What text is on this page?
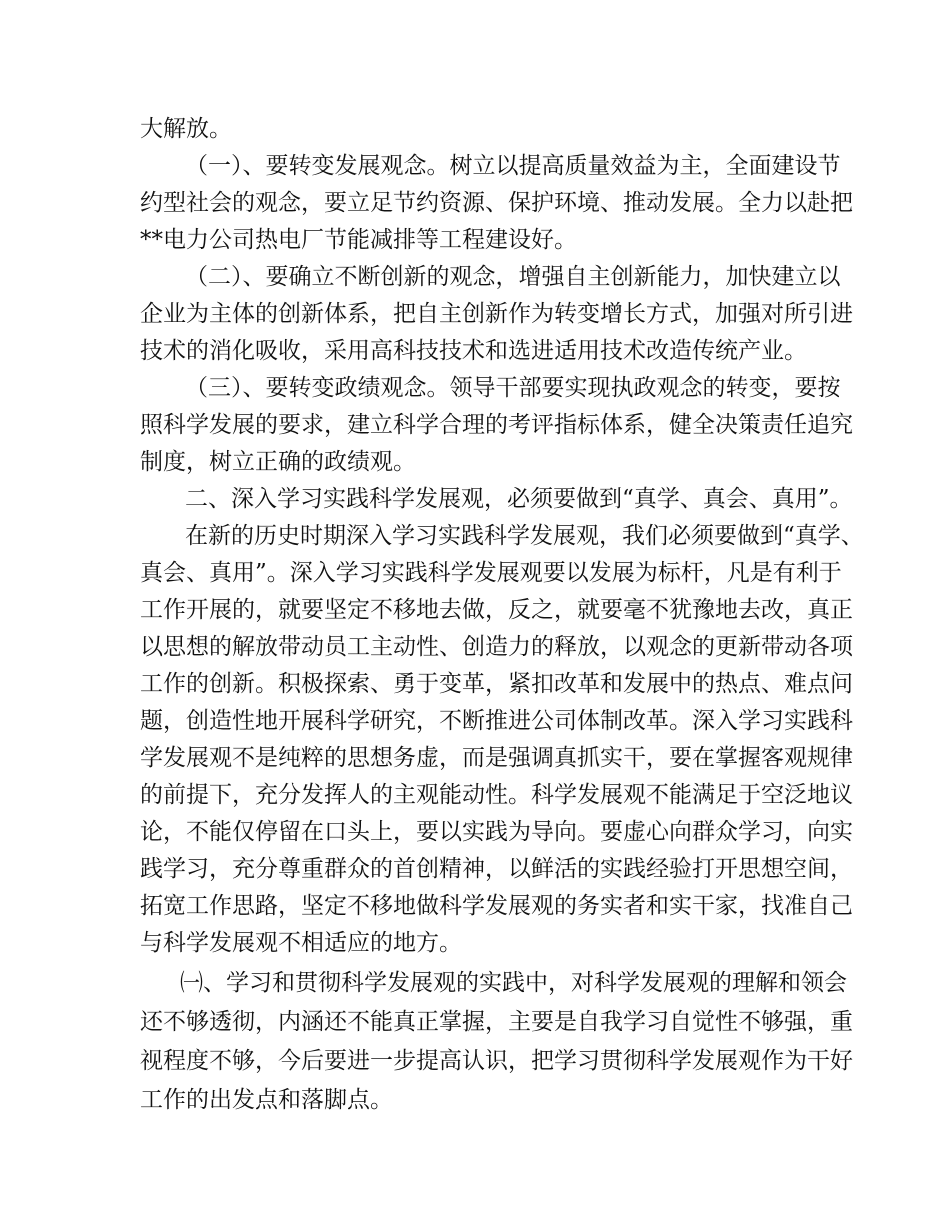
大解放。
（一）、要转变发展观念。树立以提高质量效益为主，全面建设节
约型社会的观念，要立足节约资源、保护环境、推动发展。全力以赴把
**电力公司热电厂节能减排等工程建设好。
（二）、要确立不断创新的观念，增强自主创新能力，加快建立以
企业为主体的创新体系，把自主创新作为转变增长方式，加强对所引进
技术的消化吸收，采用高科技技术和选进适用技术改造传统产业。
（三）、要转变政绩观念。领导干部要实现执政观念的转变，要按
照科学发展的要求，建立科学合理的考评指标体系，健全决策责任追究
制度，树立正确的政绩观。
二、深入学习实践科学发展观，必须要做到“真学、真会、真用”。
在新的历史时期深入学习实践科学发展观，我们必须要做到“真学、
真会、真用”。深入学习实践科学发展观要以发展为标杆，凡是有利于
工作开展的，就要坚定不移地去做，反之，就要毫不犹豫地去改，真正
以思想的解放带动员工主动性、创造力的释放，以观念的更新带动各项
工作的创新。积极探索、勇于变革，紧扣改革和发展中的热点、难点问
题，创造性地开展科学研究，不断推进公司体制改革。深入学习实践科
学发展观不是纯粹的思想务虚，而是强调真抓实干，要在掌握客观规律
的前提下，充分发挥人的主观能动性。科学发展观不能满足于空泛地议
论，不能仅停留在口头上，要以实践为导向。要虚心向群众学习，向实
践学习，充分尊重群众的首创精神，以鲜活的实践经验打开思想空间，
拓宽工作思路，坚定不移地做科学发展观的务实者和实干家，找准自己
与科学发展观不相适应的地方。
㈠、学习和贯彻科学发展观的实践中，对科学发展观的理解和领会
还不够透彻，内涵还不能真正掌握，主要是自我学习自觉性不够强，重
视程度不够，今后要进一步提高认识，把学习贯彻科学发展观作为干好
工作的出发点和落脚点。
